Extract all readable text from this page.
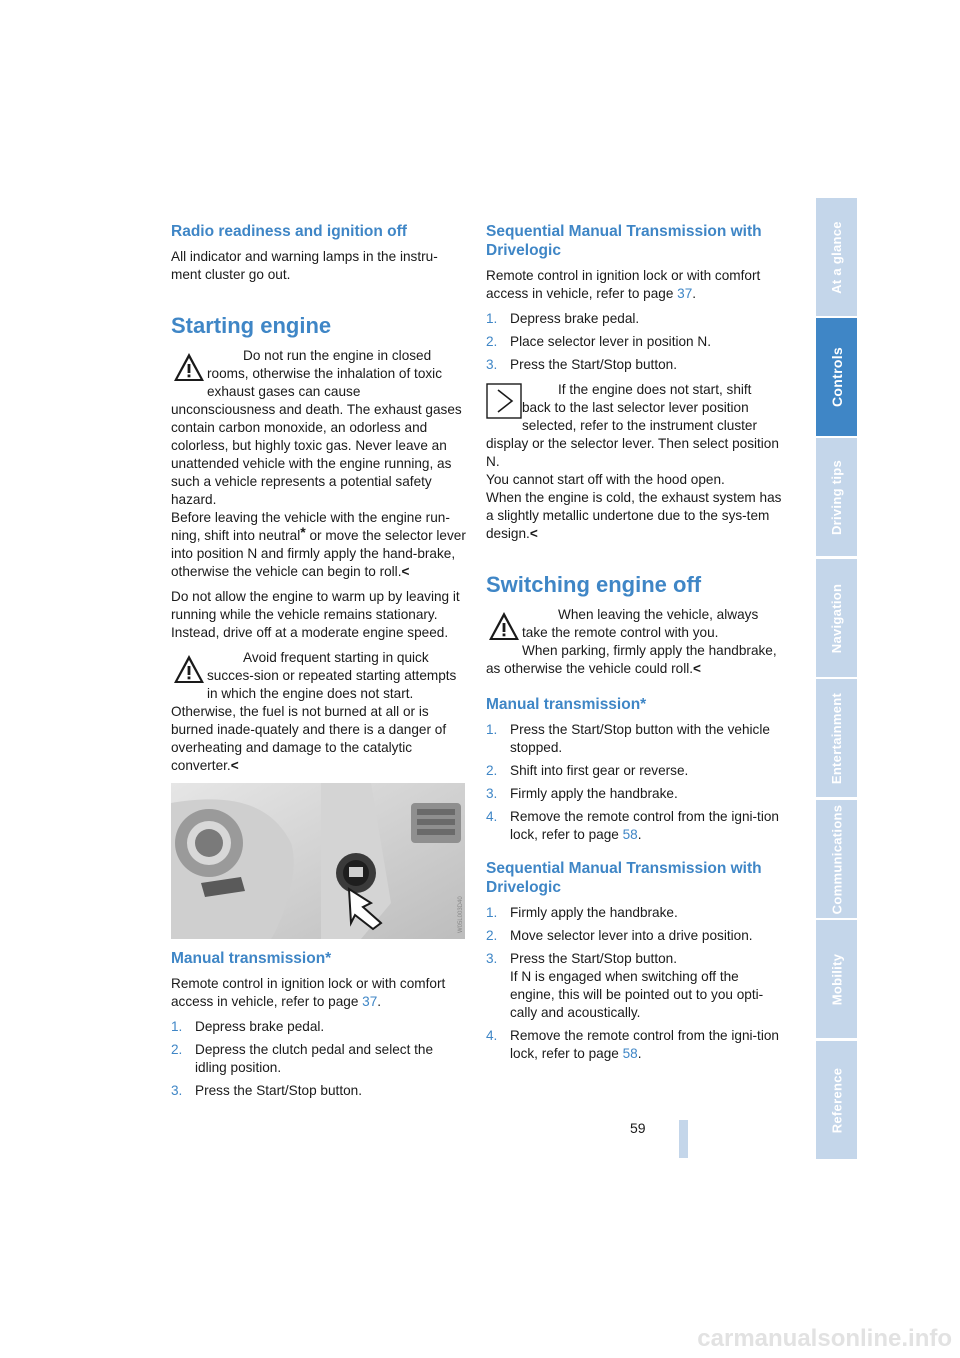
Radio readiness and ignition off

All indicator and warning lamps in the instru-ment cluster go out.

Starting engine
Do not run the engine in closed rooms, otherwise the inhalation of toxic exhaust gases can cause unconsciousness and death. The exhaust gases contain carbon monoxide, an odorless and colorless, but highly toxic gas. Never leave an unattended vehicle with the engine running, as such a vehicle represents a potential safety hazard.
Before leaving the vehicle with the engine run-ning, shift into neutral* or move the selector lever into position N and firmly apply the hand-brake, otherwise the vehicle can begin to roll.<

Do not allow the engine to warm up by leaving it running while the vehicle remains stationary. Instead, drive off at a moderate engine speed.

Avoid frequent starting in quick succes-sion or repeated starting attempts in which the engine does not start. Otherwise, the fuel is not burned at all or is burned inade-quately and there is a danger of overheating and damage to the catalytic converter.<
W05L003D40
Manual transmission*

Remote control in ignition lock or with comfort access in vehicle, refer to page 37.

1. Depress brake pedal.
2. Depress the clutch pedal and select the idling position.
3. Press the Start/Stop button.
Sequential Manual Transmission with Drivelogic

Remote control in ignition lock or with comfort access in vehicle, refer to page 37.

1. Depress brake pedal.
2. Place selector lever in position N.
3. Press the Start/Stop button.
If the engine does not start, shift back to the last selector lever position selected, refer to the instrument cluster display or the selector lever. Then select position N.
You cannot start off with the hood open.
When the engine is cold, the exhaust system has a slightly metallic undertone due to the sys-tem design.<
Switching engine off
When leaving the vehicle, always take the remote control with you.
When parking, firmly apply the handbrake, as otherwise the vehicle could roll.<
Manual transmission*
1. Press the Start/Stop button with the vehicle stopped.
2. Shift into first gear or reverse.
3. Firmly apply the handbrake.
4. Remove the remote control from the igni-tion lock, refer to page 58.
Sequential Manual Transmission with Drivelogic
1. Firmly apply the handbrake.
2. Move selector lever into a drive position.
3. Press the Start/Stop button.
If N is engaged when switching off the engine, this will be pointed out to you opti-cally and acoustically.
4. Remove the remote control from the igni-tion lock, refer to page 58.
At a glance
Controls
Driving tips
Navigation
Entertainment
Communications
Mobility
Reference
59
carmanualsonline.info
